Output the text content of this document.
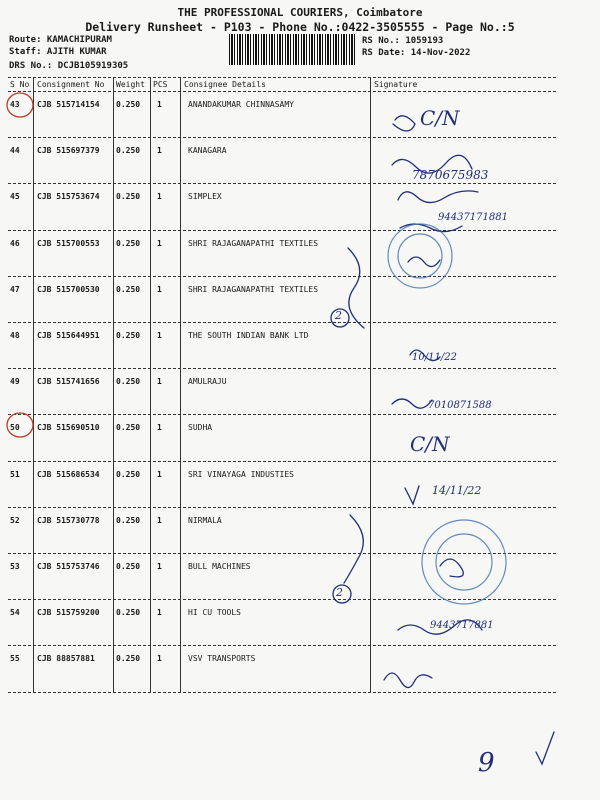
THE PROFESSIONAL COURIERS, Coimbatore
Delivery Runsheet - P103 - Phone No.:0422-3505555 - Page No.:5
Route: KAMACHIPURAM
Staff: AJITH KUMAR
DRS No.: DCJB105919305
RS No.: 1059193
RS Date: 14-Nov-2022
S No Consignment No Weight PCS Consignee Details	Signature
43 CJB 515714154 0.250 1	ANANDAKUMAR CHINNASAMY
44 CJB 515697379 0.250 1	KANAGARA
45 CJB 515753674 0.250 1	SIMPLEX
46 CJB 515700553 0.250 1	SHRI RAJAGANAPATHI TEXTILES
47 CJB 515700530 0.250 1	SHRI RAJAGANAPATHI TEXTILES
48 CJB 515644951 0.250 1	THE SOUTH INDIAN BANK LTD
49 CJB 515741656 0.250 1	AMULRAJU
50 CJB 515690510 0.250 1	SUDHA
51 CJB 515686534 0.250 1	SRI VINAYAGA INDUSTIES
52 CJB 515730778 0.250 1	NIRMALA
53 CJB 515753746 0.250 1	BULL MACHINES
54 CJB 515759200 0.250 1	HI CU TOOLS
55 CJB 88857881	0.250 1	VSV TRANSPORTS
C/N
7870675983
94437171881
10/11/22
7010871588
C/N
14/11/22
9443717881
2
2
9
